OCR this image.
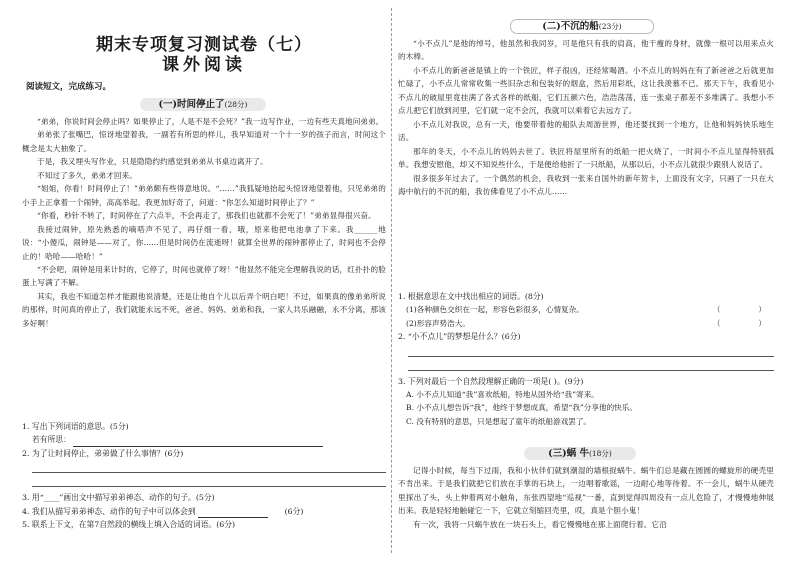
期末专项复习测试卷（七）
课外阅读
阅读短文，完成练习。
(一)时间停止了(28分)

“弟弟，你说时间会停止吗？如果停止了，人是不是不会死？”我一边写作业，一边有些天真地问弟弟。

弟弟张了张嘴巴，惊讶地望着我，一副若有所思的样儿，我早知道对一个十一岁的孩子而言，时间这个概念是太大抽象了。

于是，我又埋头写作业，只是隐隐约约感觉到弟弟从书桌边离开了。

不知过了多久，弟弟才回来。

“姐姐，你看！时间停止了！”弟弟颇有些得意地说。“……”我狐疑地抬起头惊讶地望着他，只见弟弟的小手上正拿着一个闹钟，高高举起。我更加好奇了，问道：“你怎么知道时间停止了？”

“你看，秒针不转了，时间停在了六点半，不会再走了，那我们也就都不会死了！”弟弟显得很兴奋。

我接过闹钟，原先熟悉的嘀嗒声不见了，再仔细一看，哦，原来他把电池拿了下来。我______地说：“小傻瓜，闹钟是——对了，你……但是时间仍在流逝呀！就算全世界的闹钟都停止了，时间也不会停止的！哈哈——哈哈！”

“不会吧，闹钟是用来计时的，它停了，时间也就停了呀！”他显然不能完全理解我说的话，红扑扑的脸蛋上写满了不解。

其实，我也不知道怎样才能跟他说清楚，还是让他自个儿以后弄个明白吧！不过，如果真的像弟弟所说的那样，时间真的停止了，我们就能永远不死，爸爸、妈妈、弟弟和我，一家人共乐融融，永不分离，那该多好啊！

1. 写出下列词语的意思。(5分)

若有所思：

2. 为了让时间停止，弟弟做了什么事情？(6分)

3. 用“____”画出文中描写弟弟神态、动作的句子。(5分)

4. 我们从描写弟弟神态、动作的句子中可以体会到	(6分)

5. 联系上下文，在第7自然段的横线上填入合适的词语。(6分)

(二)不沉的船(23分)

“小不点儿”是他的绰号，他虽然和我同岁，可是他只有我的肩高，他干瘦的身材，就像一根可以用来点火的木棒。

小不点儿的新爸爸是镇上的一个铁匠，样子很凶，还经常喝酒。小不点儿的妈妈在有了新爸爸之后就更加忙碌了，小不点儿常常收集一些旧杂志和包装好的烟盒，然后用彩纸，这让我羡慕不已。那天下午，我看见小不点儿的破屋里竟挂满了各式各样的纸船，它们五颜六色，浩浩荡荡，连一张桌子都差不多堆满了。我想小不点儿把它们放到河里，它们就一定不会沉，我就可以乘着它去远方了。

小不点儿对我说，总有一天，他要带着他的船队去周游世界，他还要找到一个地方，让他和妈妈快乐地生活。

那年的冬天，小不点儿的妈妈去世了。铁匠将屋里所有的纸船一把火烧了，一时间小不点儿显得特别孤单。我想安慰他，却又不知说些什么，于是便给他折了一只纸船，从那以后，小不点儿就很少跟别人说话了。

很多很多年过去了，一个偶然的机会，我收到一张来自国外的新年贺卡，上面没有文字，只画了一只在大海中航行的不沉的船，我仿佛看见了小不点儿……

1. 根据意思在文中找出相应的词语。(8分)

(1)各种颜色交织在一起，形容色彩很多，心情复杂。	（　　　　　）

(2)形容声势浩大。	（　　　　　）

2. “小不点儿”的梦想是什么？(6分)

3. 下列对最后一个自然段理解正确的一项是( )。(9分)

A. 小不点儿知道“我”喜欢纸船，特地从国外给“我”寄来。

B. 小不点儿想告诉“我”，他终于梦想成真，希望“我”分享他的快乐。

C. 没有特别的意思，只是想起了童年的纸船游戏罢了。

(三)蜗 牛(18分)

记得小时候，每当下过雨，我和小伙伴们就到潮湿的墙根捉蜗牛。蜗牛们总是藏在圆圆的螺旋形的硬壳里不肯出来。于是我们就把它们放在手掌的石块上，一边唱着歌谣，一边耐心地等待着。不一会儿，蜗牛从硬壳里探出了头，头上伸着两对小触角，东张西望地“巡视”一番，直到觉得四周没有一点儿危险了，才慢慢地伸展出来。我是轻轻地触碰它一下，它就立刻缩回壳里，哎，真是个胆小鬼！

有一次，我将一只蜗牛放在一块石头上，看它慢慢地在那上面爬行着。它沿
